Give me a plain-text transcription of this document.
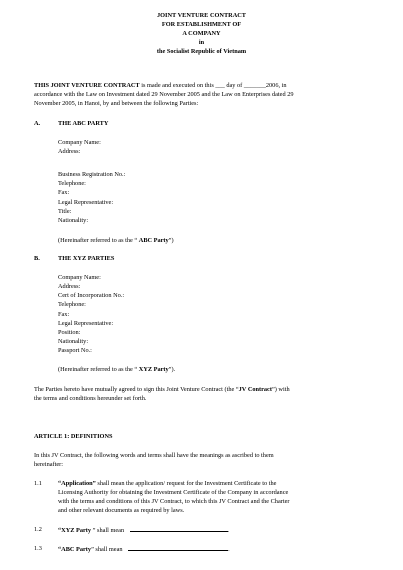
JOINT VENTURE CONTRACT
FOR ESTABLISHMENT OF
A COMPANY
in
the Socialist Republic of Vietnam
THIS JOINT VENTURE CONTRACT is made and executed on this ___ day of _______2006, in
accordance with the Law on Investment dated 29 November 2005 and the Law on Enterprises dated 29
November 2005, in Hanoi, by and between the following Parties:
A.	THE ABC PARTY
Company Name:
Address:
Business Registration No.:
Telephone:
Fax:
Legal Representative:
Title:
Nationality:
(Hereinafter referred to as the “ ABC Party”)
B.	THE XYZ PARTIES
Company Name:
Address:
Cert of Incorporation No.:
Telephone:
Fax:
Legal Representative:
Position:
Nationality:
Passport No.:
(Hereinafter referred to as the “ XYZ Party”).
The Parties hereto have mutually agreed to sign this Joint Venture Contract (the “JV Contract”) with
the terms and conditions hereunder set forth.
ARTICLE 1: DEFINITIONS
In this JV Contract, the following words and terms shall have the meanings as ascribed to them
hereinafter:
1.1	“Application” shall mean the application/ request for the Investment Certificate to the
Licensing Authority for obtaining the Investment Certificate of the Company in accordance
with the terms and conditions of this JV Contract, to which this JV Contract and the Charter
and other relevant documents as required by laws.
1.2	“XYZ Party ” shall mean	.
1.3	“ABC Party” shall mean	.
